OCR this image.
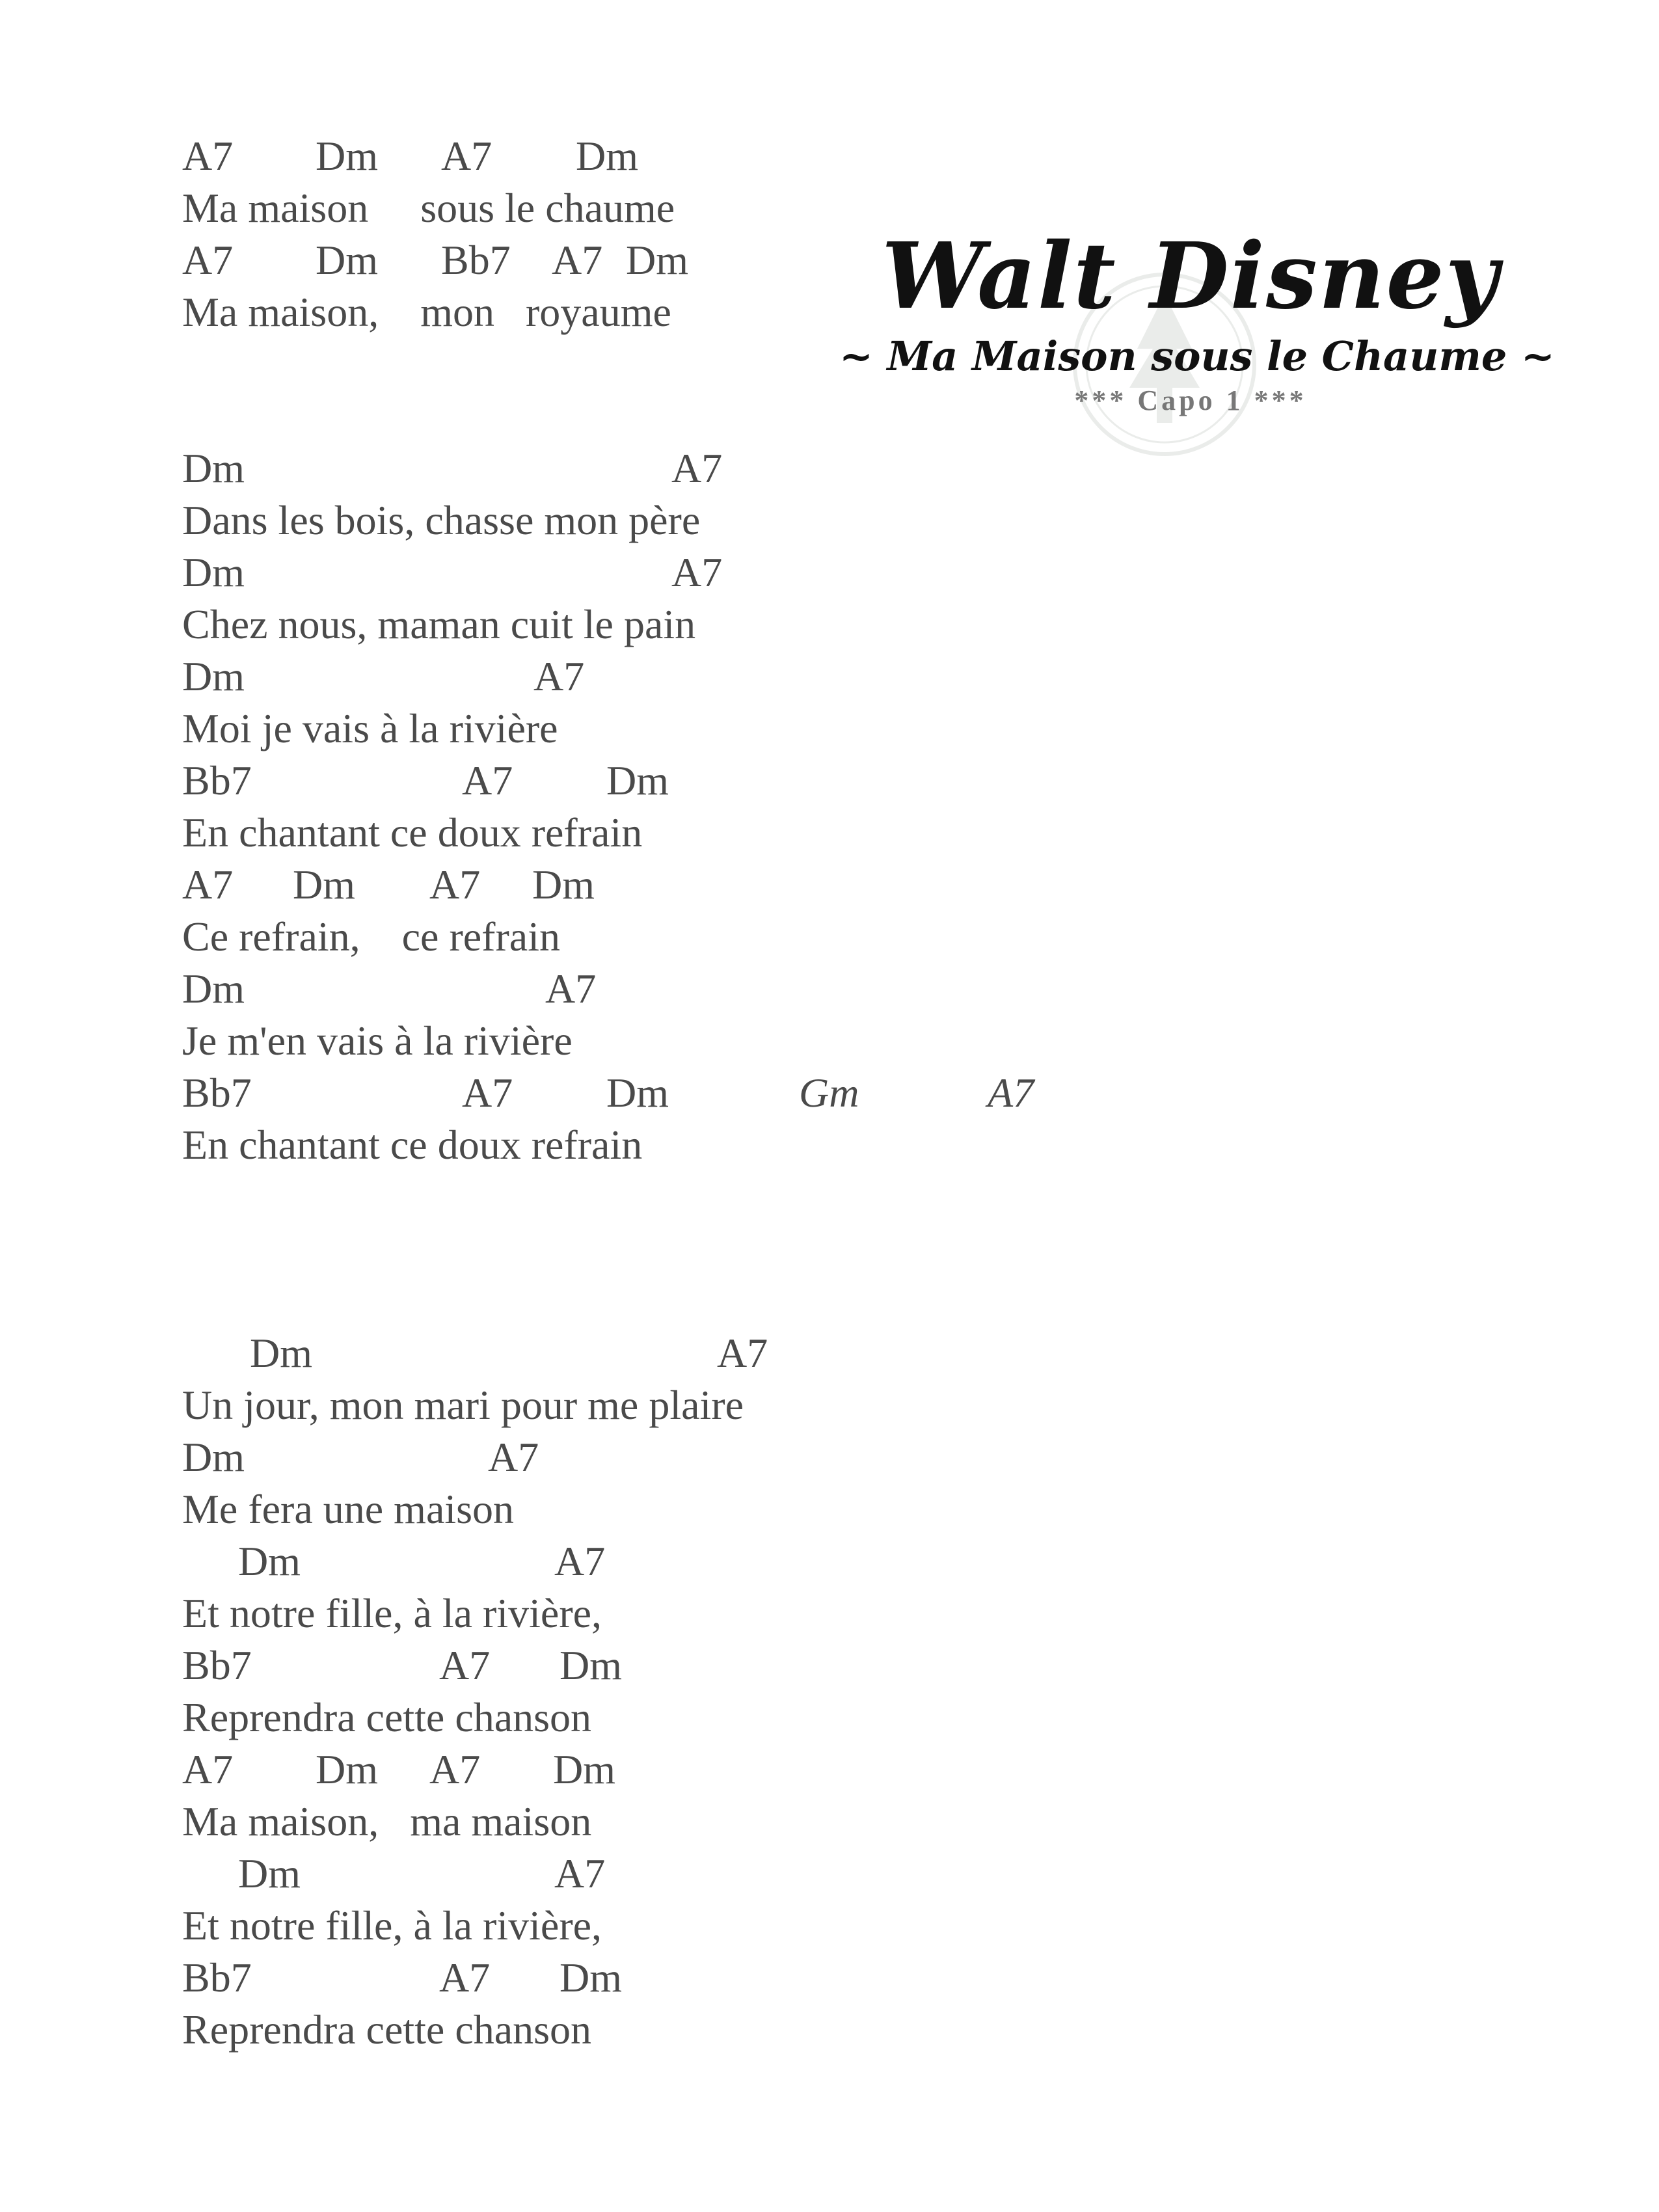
Walt Disney
~ Ma Maison sous le Chaume ~
*** Capo 1 ***

A7

Dm

A7

Dm

Ma maison     sous le chaume

A7

Dm

Bb7

A7

Dm

Ma maison,    mon   royaume

Dm

	A7

Dans les bois, chasse mon père

Dm

	A7

Chez nous, maman cuit le pain

Dm

	A7

Moi je vais à la rivière

Bb7

	A7

Dm

En chantant ce doux refrain

A7

Dm

A7

Dm

Ce refrain,    ce refrain

Dm

	A7

Je m'en vais à la rivière

Bb7

	A7

Dm

	Gm

	A7

En chantant ce doux refrain

Dm

	A7

Un jour, mon mari pour me plaire

Dm

	A7

Me fera une maison

Dm

	A7

Et notre fille, à la rivière,

Bb7

	A7

Dm

Reprendra cette chanson

A7

Dm

A7

Dm

Ma maison,   ma maison

Dm

	A7

Et notre fille, à la rivière,

Bb7

	A7

Dm

Reprendra cette chanson
